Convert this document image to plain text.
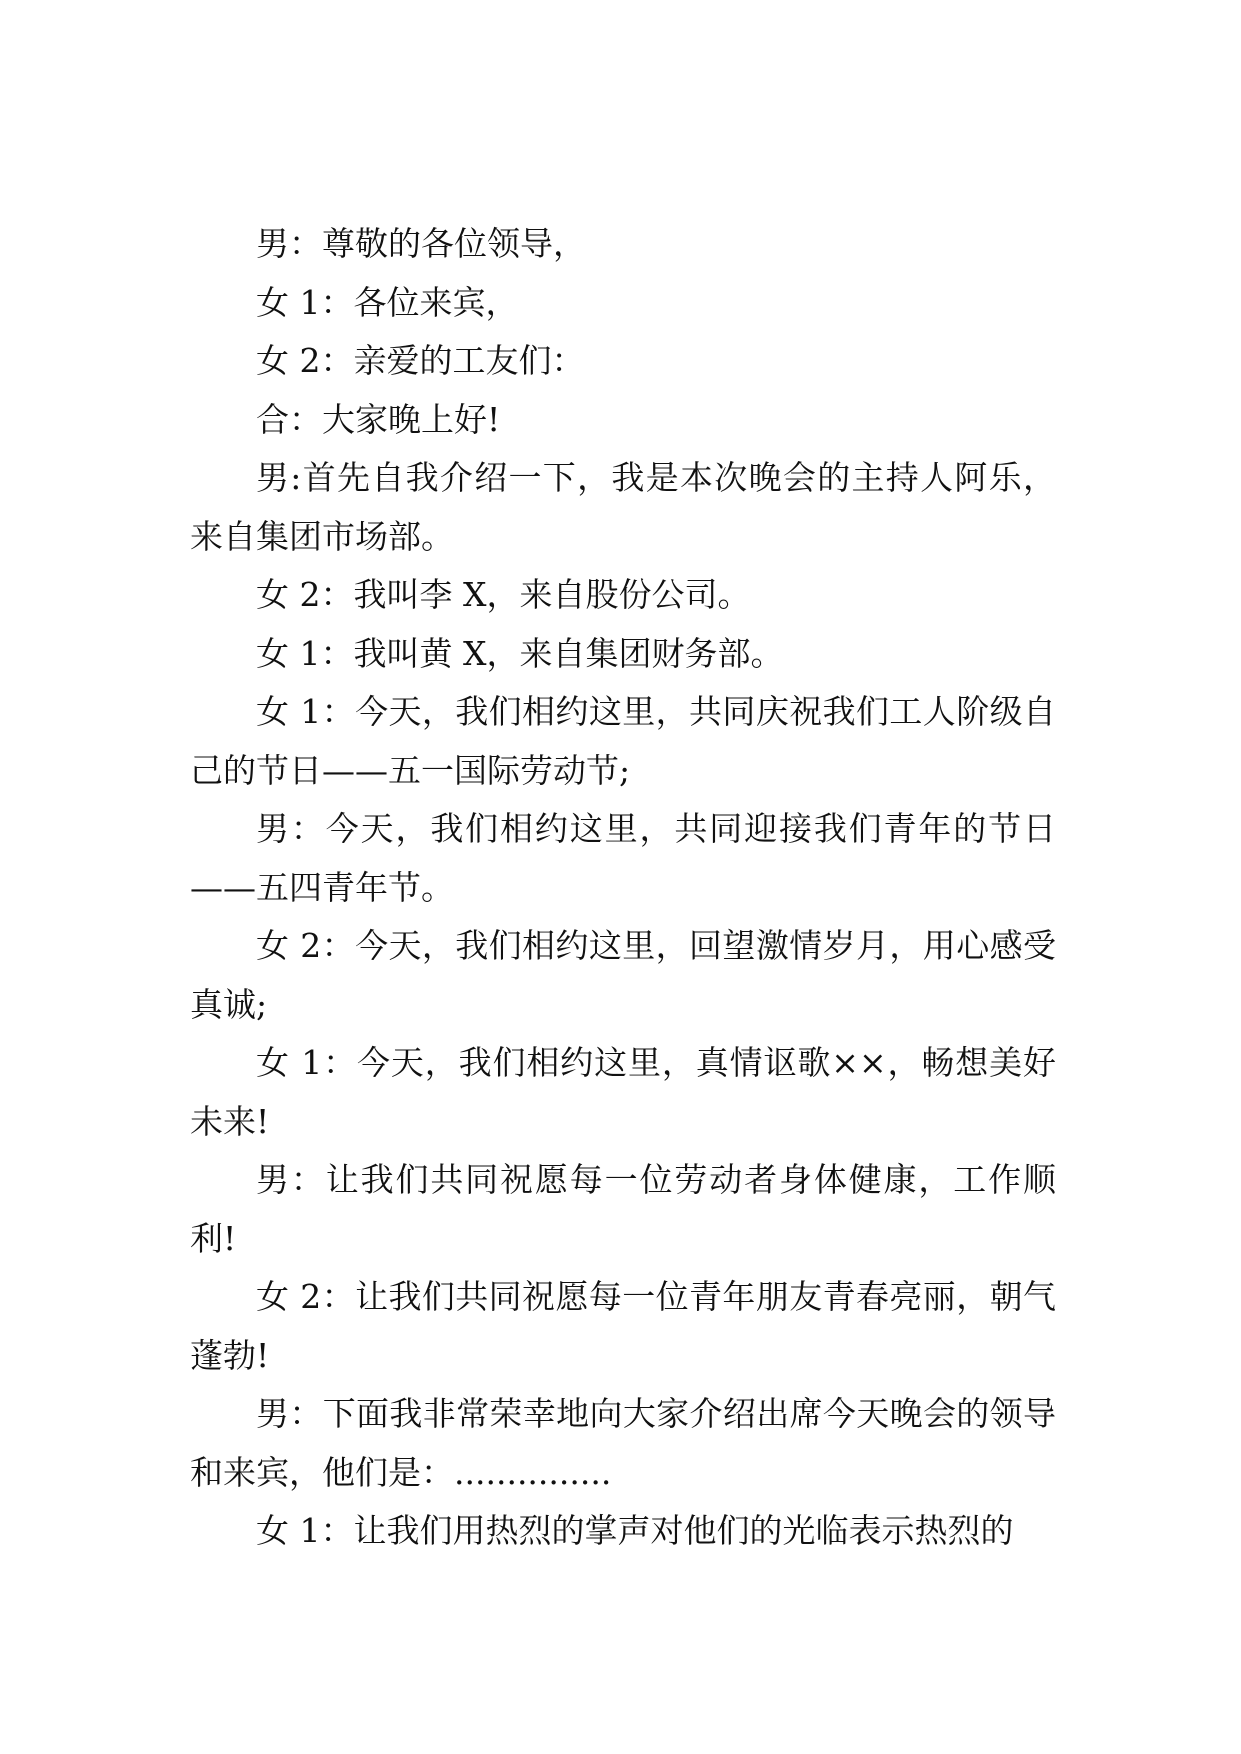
男：尊敬的各位领导，

女 1：各位来宾，

女 2：亲爱的工友们：

合：大家晚上好!

男:首先自我介绍一下，我是本次晚会的主持人阿乐，来自集团市场部。

女 2：我叫李 X，来自股份公司。

女 1：我叫黄 X，来自集团财务部。

女 1：今天，我们相约这里，共同庆祝我们工人阶级自己的节日——五一国际劳动节;

男：今天，我们相约这里，共同迎接我们青年的节日——五四青年节。

女 2：今天，我们相约这里，回望激情岁月，用心感受真诚;

女 1：今天，我们相约这里，真情讴歌××，畅想美好未来!

男：让我们共同祝愿每一位劳动者身体健康，工作顺利!

女 2：让我们共同祝愿每一位青年朋友青春亮丽，朝气蓬勃!

男：下面我非常荣幸地向大家介绍出席今天晚会的领导和来宾，他们是：...............

女 1：让我们用热烈的掌声对他们的光临表示热烈的
